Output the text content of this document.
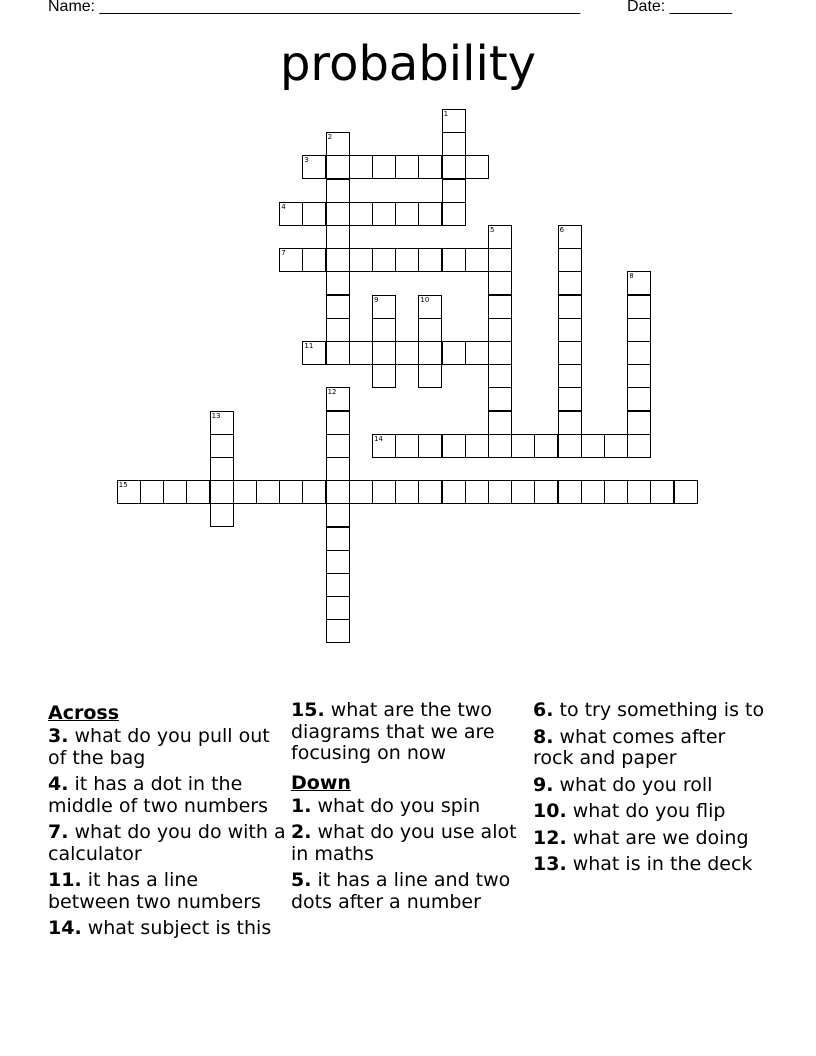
Name: ______________________________________________________	Date: _______
probability
1
2
3
4
5	6
7
8
9	10
11
12
13
14
15
Across

3. what do you pull out of the bag

4. it has a dot in the middle of two numbers

7. what do you do with a calculator

11. it has a line between two numbers

14. what subject is this

15. what are the two diagrams that we are focusing on now

Down

1. what do you spin

2. what do you use alot in maths

5. it has a line and two dots after a number

6. to try something is to

8. what comes after rock and paper

9. what do you roll

10. what do you flip

12. what are we doing

13. what is in the deck
